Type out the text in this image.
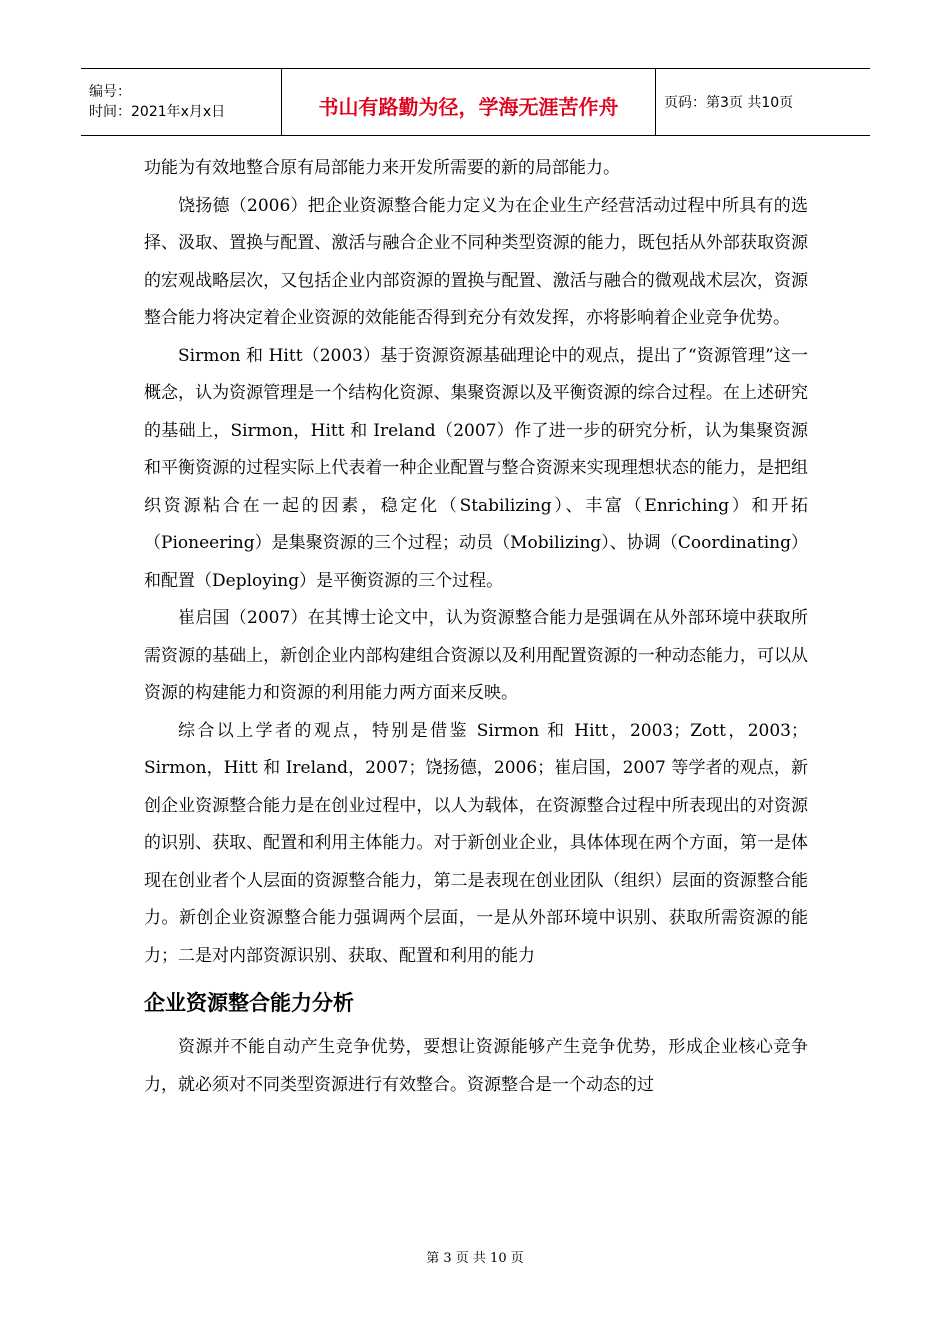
编号：
时间：2021年x月x日	书山有路勤为径，学海无涯苦作舟	页码：第3页 共10页

功能为有效地整合原有局部能力来开发所需要的新的局部能力。

饶扬德（2006）把企业资源整合能力定义为在企业生产经营活动过程中所具有的选择、汲取、置换与配置、激活与融合企业不同种类型资源的能力，既包括从外部获取资源的宏观战略层次，又包括企业内部资源的置换与配置、激活与融合的微观战术层次，资源整合能力将决定着企业资源的效能能否得到充分有效发挥，亦将影响着企业竞争优势。

Sirmon 和 Hitt（2003）基于资源资源基础理论中的观点，提出了“资源管理”这一概念，认为资源管理是一个结构化资源、集聚资源以及平衡资源的综合过程。在上述研究的基础上，Sirmon，Hitt 和 Ireland（2007）作了进一步的研究分析，认为集聚资源和平衡资源的过程实际上代表着一种企业配置与整合资源来实现理想状态的能力，是把组织资源粘合在一起的因素，稳定化（Stabilizing）、丰富（Enriching）和开拓（Pioneering）是集聚资源的三个过程；动员（Mobilizing）、协调（Coordinating）和配置（Deploying）是平衡资源的三个过程。

崔启国（2007）在其博士论文中，认为资源整合能力是强调在从外部环境中获取所需资源的基础上，新创企业内部构建组合资源以及利用配置资源的一种动态能力，可以从资源的构建能力和资源的利用能力两方面来反映。

综合以上学者的观点，特别是借鉴 Sirmon 和 Hitt，2003；Zott，2003；Sirmon，Hitt 和 Ireland，2007；饶扬德，2006；崔启国，2007 等学者的观点，新创企业资源整合能力是在创业过程中，以人为载体，在资源整合过程中所表现出的对资源的识别、获取、配置和利用主体能力。对于新创业企业，具体体现在两个方面，第一是体现在创业者个人层面的资源整合能力，第二是表现在创业团队（组织）层面的资源整合能力。新创企业资源整合能力强调两个层面，一是从外部环境中识别、获取所需资源的能力；二是对内部资源识别、获取、配置和利用的能力

企业资源整合能力分析

资源并不能自动产生竞争优势，要想让资源能够产生竞争优势，形成企业核心竞争力，就必须对不同类型资源进行有效整合。资源整合是一个动态的过

第 3 页 共 10 页
